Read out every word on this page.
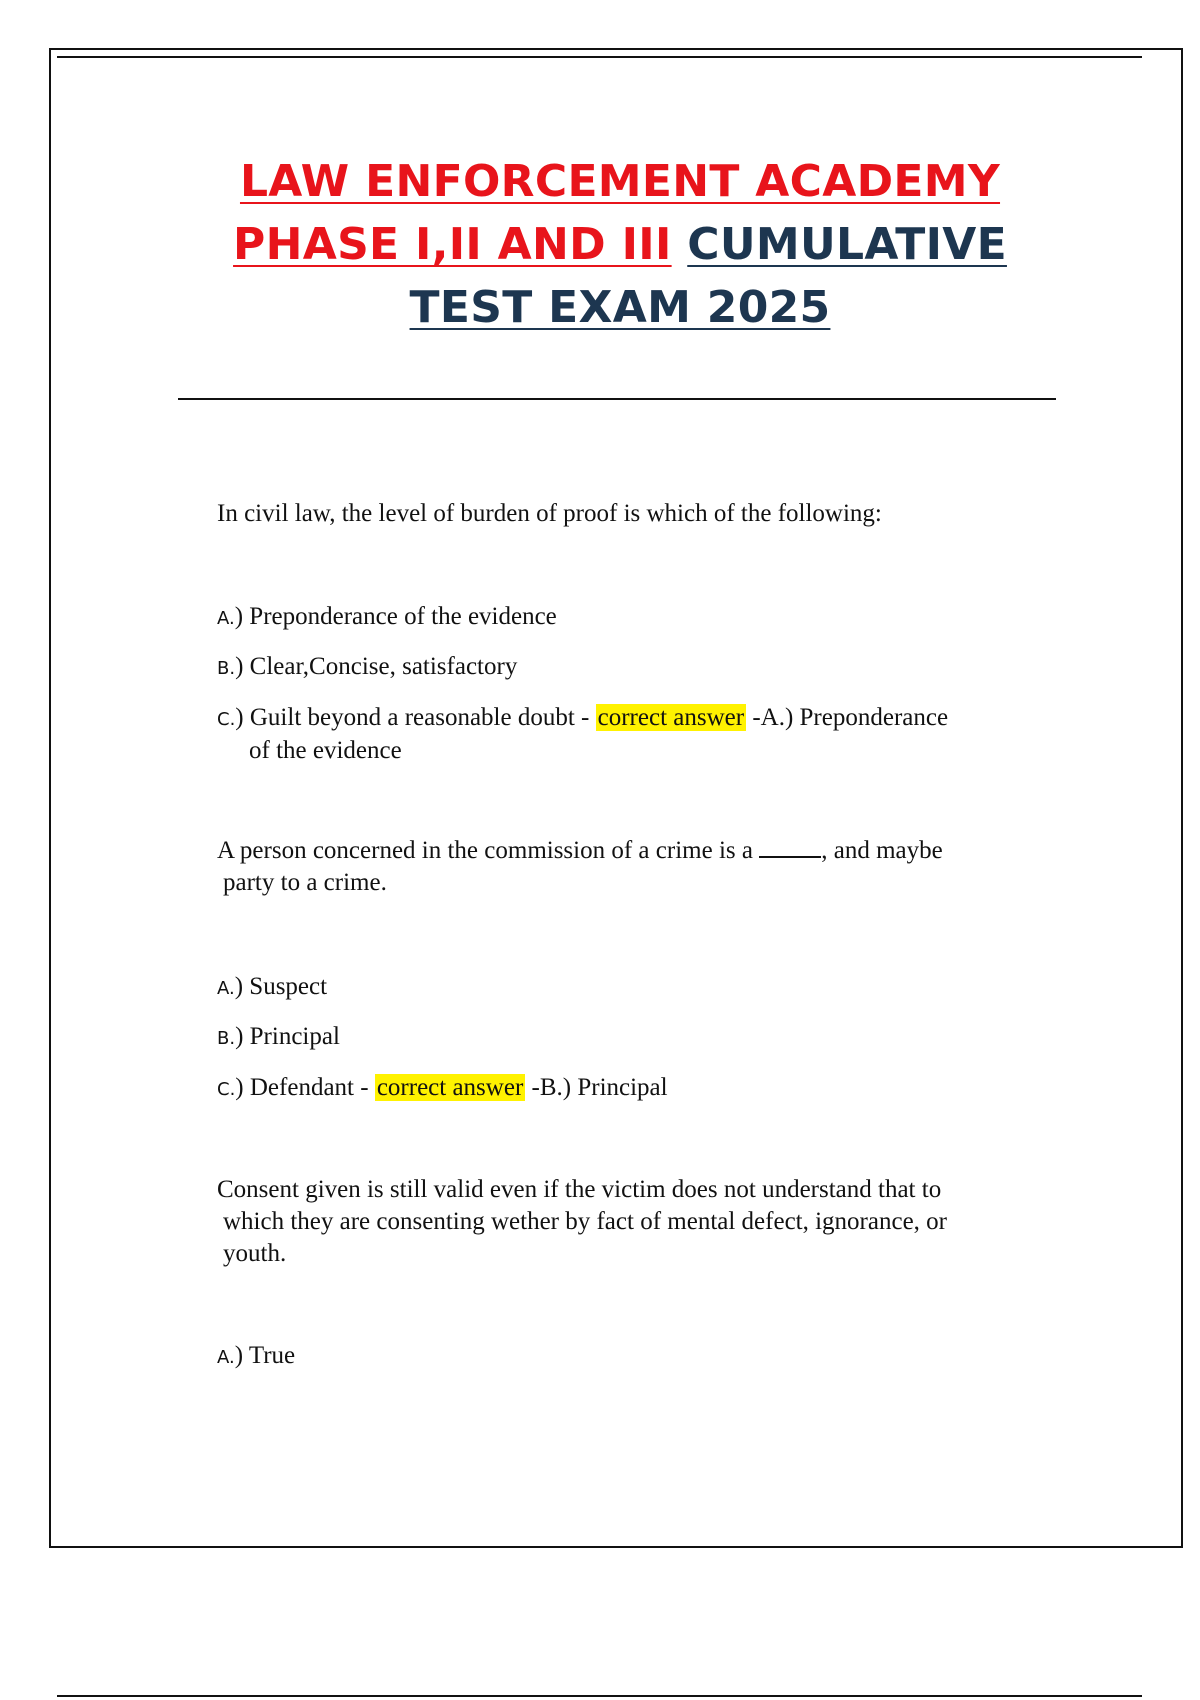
LAW ENFORCEMENT ACADEMY
PHASE I,II AND III CUMULATIVE
TEST EXAM 2025
In civil law, the level of burden of proof is which of the following:
A.) Preponderance of the evidence
B.) Clear,Concise, satisfactory
C.) Guilt beyond a reasonable doubt - correct answer -A.) Preponderance
of the evidence
A person concerned in the commission of a crime is a	, and maybe
party to a crime.
A.) Suspect
B.) Principal
C.) Defendant - correct answer -B.) Principal
Consent given is still valid even if the victim does not understand that to
which they are consenting wether by fact of mental defect, ignorance, or
youth.
A.) True
